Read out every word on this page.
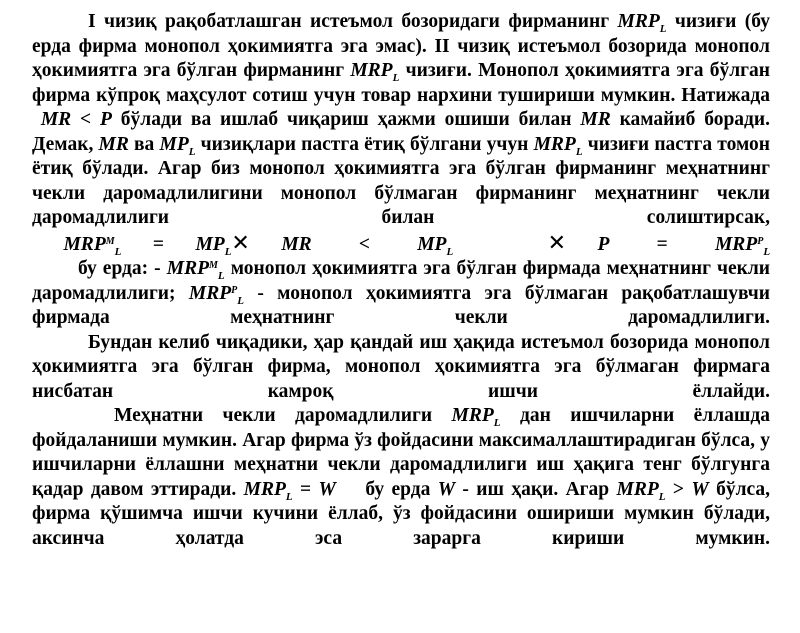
I чизиқ рақобатлашган истеъмол бозоридаги фирманинг $MRP_L$ чизиғи (бу ерда фирма монопол ҳокимиятга эга эмас). II чизиқ истеъмол бозорида монопол ҳокимиятга эга бўлган фирманинг $MRP_L$ чизиғи. Монопол ҳокимиятга эга бўлган фирма кўпроқ маҳсулот сотиш учун товар нархини тушириши мумкин. Натижада  MR < P бўлади ва ишлаб чиқариш ҳажми ошиши билан MR камайиб боради. Демак, MR ва $MP_L$ чизиқлари пастга ётиқ бўлгани учун $MRP_L$ чизиғи пастга томон ётиқ бўлади. Агар биз монопол ҳокимиятга эга бўлган фирманинг меҳнатнинг чекли даромадлилигини монопол бўлмаган фирманинг меҳнатнинг чекли даромадлилиги билан солиштирсак,   $MRP^M_L$ = $MP_L✕$ MR < $MP_L$	✕ $P = MRP^P_L$

бу ерда: - $MRP^M_L$ монопол ҳокимиятга эга бўлган фирмада меҳнатнинг чекли даромадлилиги; $MRP^P_L$ - монопол ҳокимиятга эга бўлмаган рақобатлашувчи фирмада меҳнатнинг чекли даромадлилиги.

Бундан келиб чиқадики, ҳар қандай иш ҳақида истеъмол бозорида монопол ҳокимиятга эга бўлган фирма, монопол ҳокимиятга эга бўлмаган фирмага нисбатан камроқ ишчи ёллайди.

Меҳнатни чекли даромадлилиги $MRP_L$ дан ишчиларни ёллашда фойдаланиши мумкин. Агар фирма ўз фойдасини максималлаштирадиган бўлса, у ишчиларни ёллашни меҳнатни чекли даромадлилиги иш ҳақига тенг бўлгунга қадар давом эттиради. $MRP_L = W$ бу ерда W - иш ҳақи. Агар $MRP_L > W$ бўлса, фирма қўшимча ишчи кучини ёллаб, ўз фойдасини ошириши мумкин бўлади, аксинча ҳолатда эса зарарга кириши мумкин.
